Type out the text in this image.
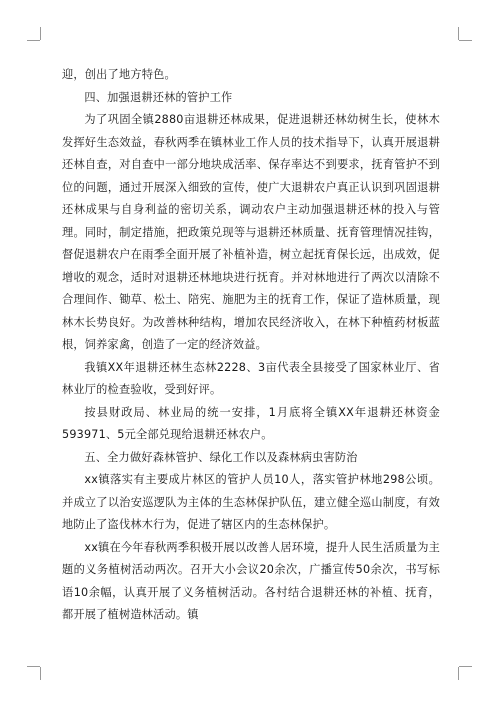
迎，创出了地方特色。

四、加强退耕还林的管护工作

为了巩固全镇2880亩退耕还林成果，促进退耕还林幼树生长，使林木发挥好生态效益，春秋两季在镇林业工作人员的技术指导下，认真开展退耕还林自查，对自查中一部分地块成活率、保存率达不到要求，抚育管护不到位的问题，通过开展深入细致的宣传，使广大退耕农户真正认识到巩固退耕还林成果与自身利益的密切关系，调动农户主动加强退耕还林的投入与管理。同时，制定措施，把政策兑现等与退耕还林质量、抚育管理情况挂钩，督促退耕农户在雨季全面开展了补植补造，树立起抚育保长远，出成效，促增收的观念，适时对退耕还林地块进行抚育。并对林地进行了两次以清除不合理间作、锄草、松土、陪宪、施肥为主的抚育工作，保证了造林质量，现林木长势良好。为改善林种结构，增加农民经济收入，在林下种植药材板蓝根，饲养家禽，创造了一定的经济效益。

我镇XX年退耕还林生态林2228、3亩代表全县接受了国家林业厅、省林业厅的检查验收，受到好评。

按县财政局、林业局的统一安排，1月底将全镇XX年退耕还林资金593971、5元全部兑现给退耕还林农户。

五、全力做好森林管护、绿化工作以及森林病虫害防治

xx镇落实有主要成片林区的管护人员10人，落实管护林地298公顷。并成立了以治安巡逻队为主体的生态林保护队伍，建立健全巡山制度，有效地防止了盗伐林木行为，促进了辖区内的生态林保护。

xx镇在今年春秋两季积极开展以改善人居环境，提升人民生活质量为主题的义务植树活动两次。召开大小会议20余次，广播宣传50余次，书写标语10余幅，认真开展了义务植树活动。各村结合退耕还林的补植、抚育，都开展了植树造林活动。镇
